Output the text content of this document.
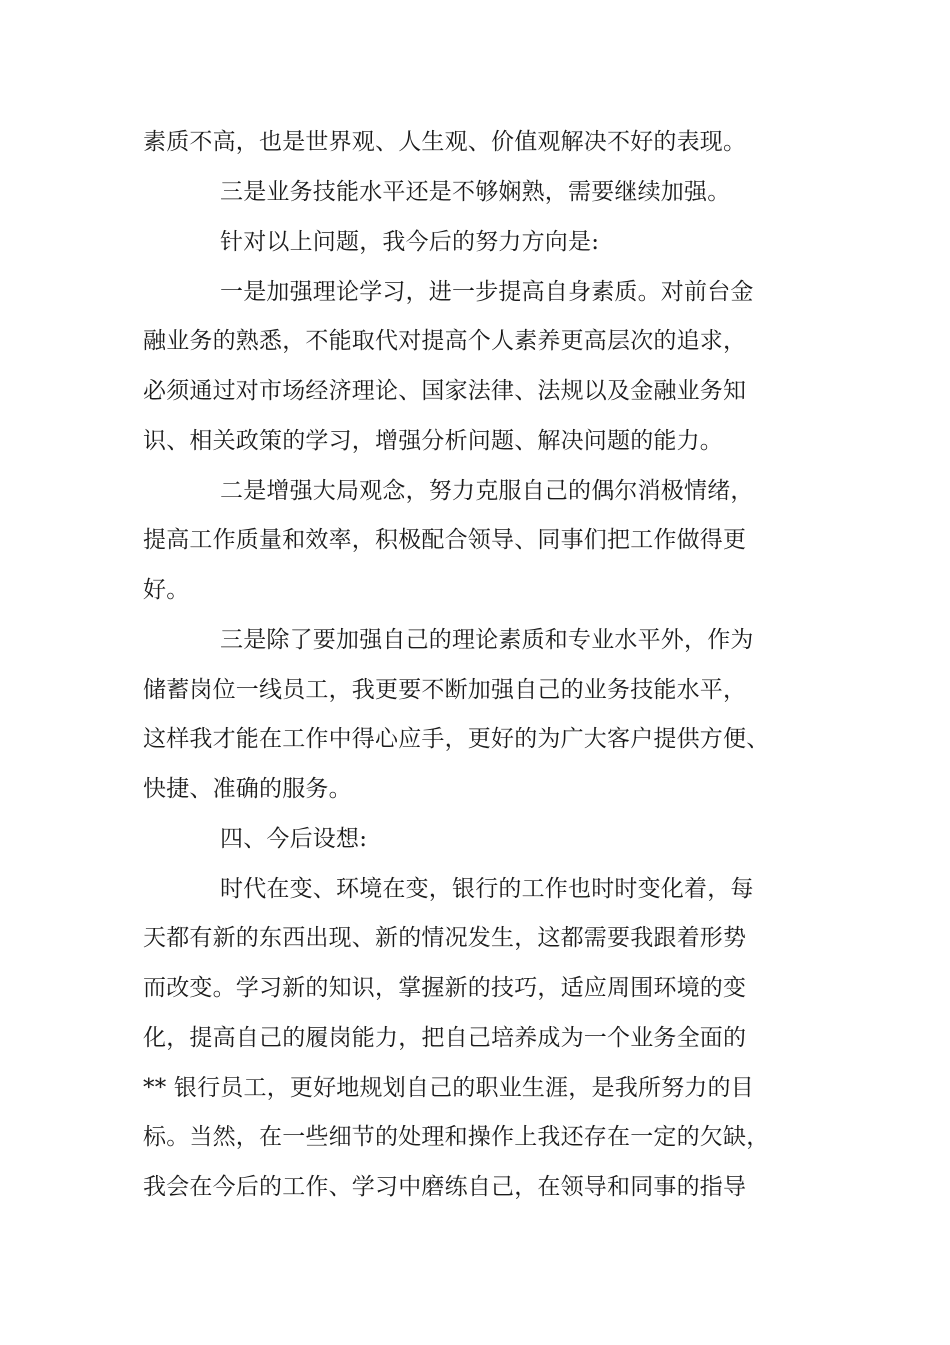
素质不高，也是世界观、人生观、价值观解决不好的表现。
三是业务技能水平还是不够娴熟，需要继续加强。
针对以上问题，我今后的努力方向是:
一是加强理论学习，进一步提高自身素质。对前台金
融业务的熟悉，不能取代对提高个人素养更高层次的追求，
必须通过对市场经济理论、国家法律、法规以及金融业务知
识、相关政策的学习，增强分析问题、解决问题的能力。
二是增强大局观念，努力克服自己的偶尔消极情绪，
提高工作质量和效率，积极配合领导、同事们把工作做得更
好。
三是除了要加强自己的理论素质和专业水平外，作为
储蓄岗位一线员工，我更要不断加强自己的业务技能水平，
这样我才能在工作中得心应手，更好的为广大客户提供方便、
快捷、准确的服务。
四、今后设想:
时代在变、环境在变，银行的工作也时时变化着，每
天都有新的东西出现、新的情况发生，这都需要我跟着形势
而改变。学习新的知识，掌握新的技巧，适应周围环境的变
化，提高自己的履岗能力，把自己培养成为一个业务全面的
** 银行员工，更好地规划自己的职业生涯，是我所努力的目
标。当然，在一些细节的处理和操作上我还存在一定的欠缺，
我会在今后的工作、学习中磨练自己，在领导和同事的指导
